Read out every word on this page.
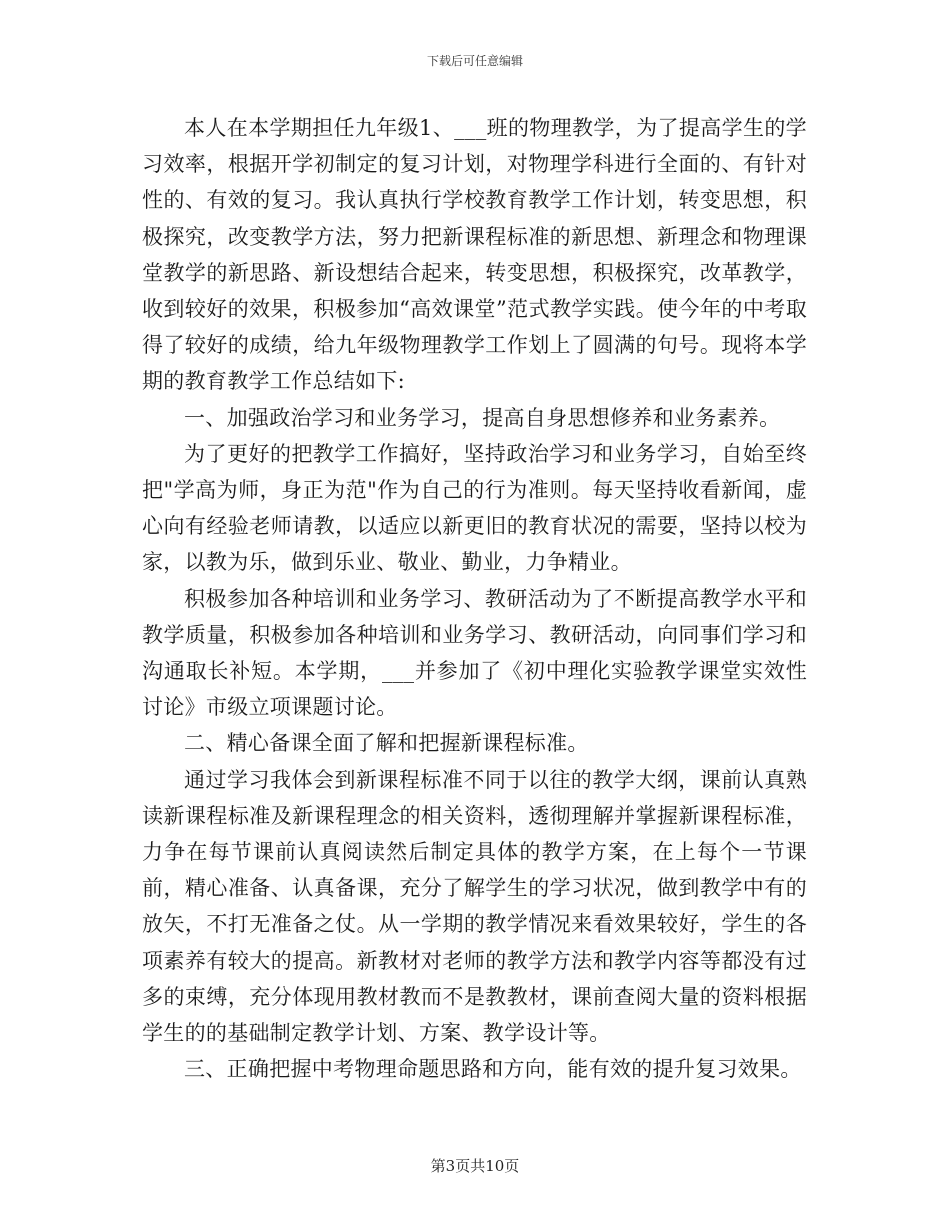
下载后可任意编辑

本人在本学期担任九年级1、___班的物理教学，为了提高学生的学习效率，根据开学初制定的复习计划，对物理学科进行全面的、有针对性的、有效的复习。我认真执行学校教育教学工作计划，转变思想，积极探究，改变教学方法，努力把新课程标准的新思想、新理念和物理课堂教学的新思路、新设想结合起来，转变思想，积极探究，改革教学，收到较好的效果，积极参加“高效课堂”范式教学实践。使今年的中考取得了较好的成绩，给九年级物理教学工作划上了圆满的句号。现将本学期的教育教学工作总结如下:

一、加强政治学习和业务学习，提高自身思想修养和业务素养。

为了更好的把教学工作搞好，坚持政治学习和业务学习，自始至终把"学高为师，身正为范"作为自己的行为准则。每天坚持收看新闻，虚心向有经验老师请教，以适应以新更旧的教育状况的需要，坚持以校为家，以教为乐，做到乐业、敬业、勤业，力争精业。

积极参加各种培训和业务学习、教研活动为了不断提高教学水平和教学质量，积极参加各种培训和业务学习、教研活动，向同事们学习和沟通取长补短。本学期，___并参加了《初中理化实验教学课堂实效性讨论》市级立项课题讨论。

二、精心备课全面了解和把握新课程标准。

通过学习我体会到新课程标准不同于以往的教学大纲，课前认真熟读新课程标准及新课程理念的相关资料，透彻理解并掌握新课程标准，力争在每节课前认真阅读然后制定具体的教学方案，在上每个一节课前，精心准备、认真备课，充分了解学生的学习状况，做到教学中有的放矢，不打无准备之仗。从一学期的教学情况来看效果较好，学生的各项素养有较大的提高。新教材对老师的教学方法和教学内容等都没有过多的束缚，充分体现用教材教而不是教教材，课前查阅大量的资料根据学生的的基础制定教学计划、方案、教学设计等。

三、正确把握中考物理命题思路和方向，能有效的提升复习效果。

第3页共10页
